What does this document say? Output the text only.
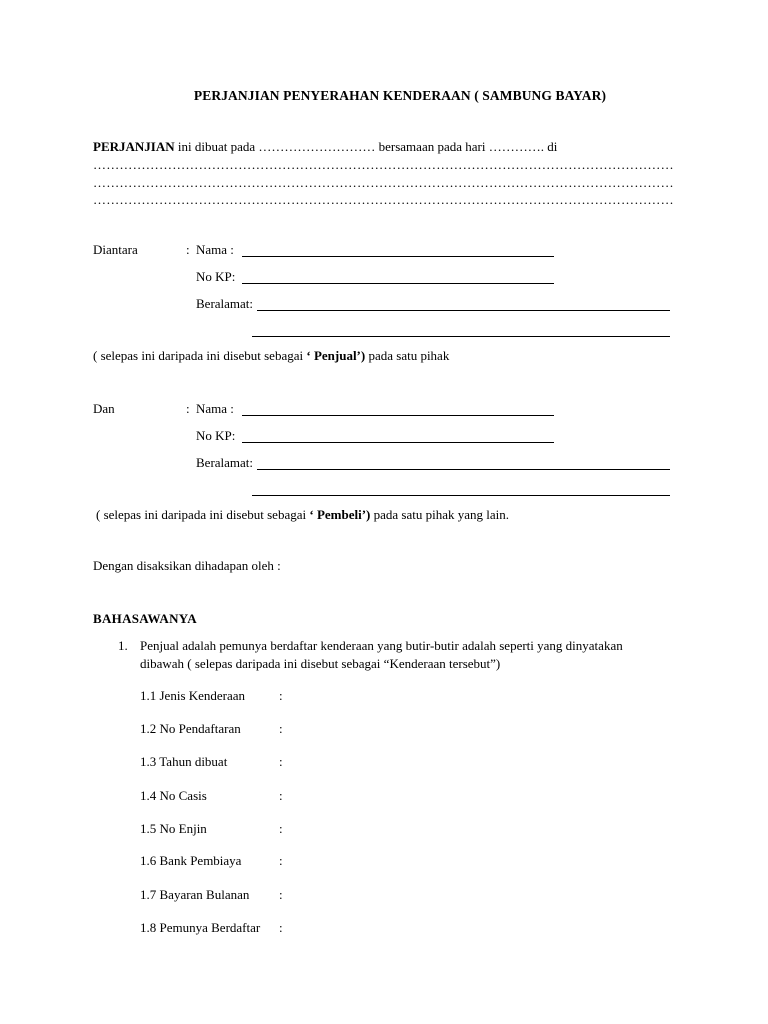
PERJANJIAN PENYERAHAN KENDERAAN ( SAMBUNG BAYAR)
PERJANJIAN ini dibuat pada ……………………… bersamaan pada hari …………. di
……………………………………………………………………………………………………………………
……………………………………………………………………………………………………………………
……………………………………………………………………………………………………………………
Diantara	: Nama :
No KP:
Beralamat:
( selepas ini daripada ini disebut sebagai ‘ Penjual’) pada satu pihak
Dan	: Nama :
No KP:
Beralamat:
( selepas ini daripada ini disebut sebagai ‘ Pembeli’) pada satu pihak yang lain.
Dengan disaksikan dihadapan oleh :
BAHASAWANYA
1. Penjual adalah pemunya berdaftar kenderaan yang butir-butir adalah seperti yang dinyatakan
dibawah ( selepas daripada ini disebut sebagai “Kenderaan tersebut”)
1.1 Jenis Kenderaan	:
1.2 No Pendaftaran	:
1.3 Tahun dibuat	:
1.4 No Casis	:
1.5 No Enjin	:
1.6 Bank Pembiaya	:
1.7 Bayaran Bulanan :
1.8 Pemunya Berdaftar :
